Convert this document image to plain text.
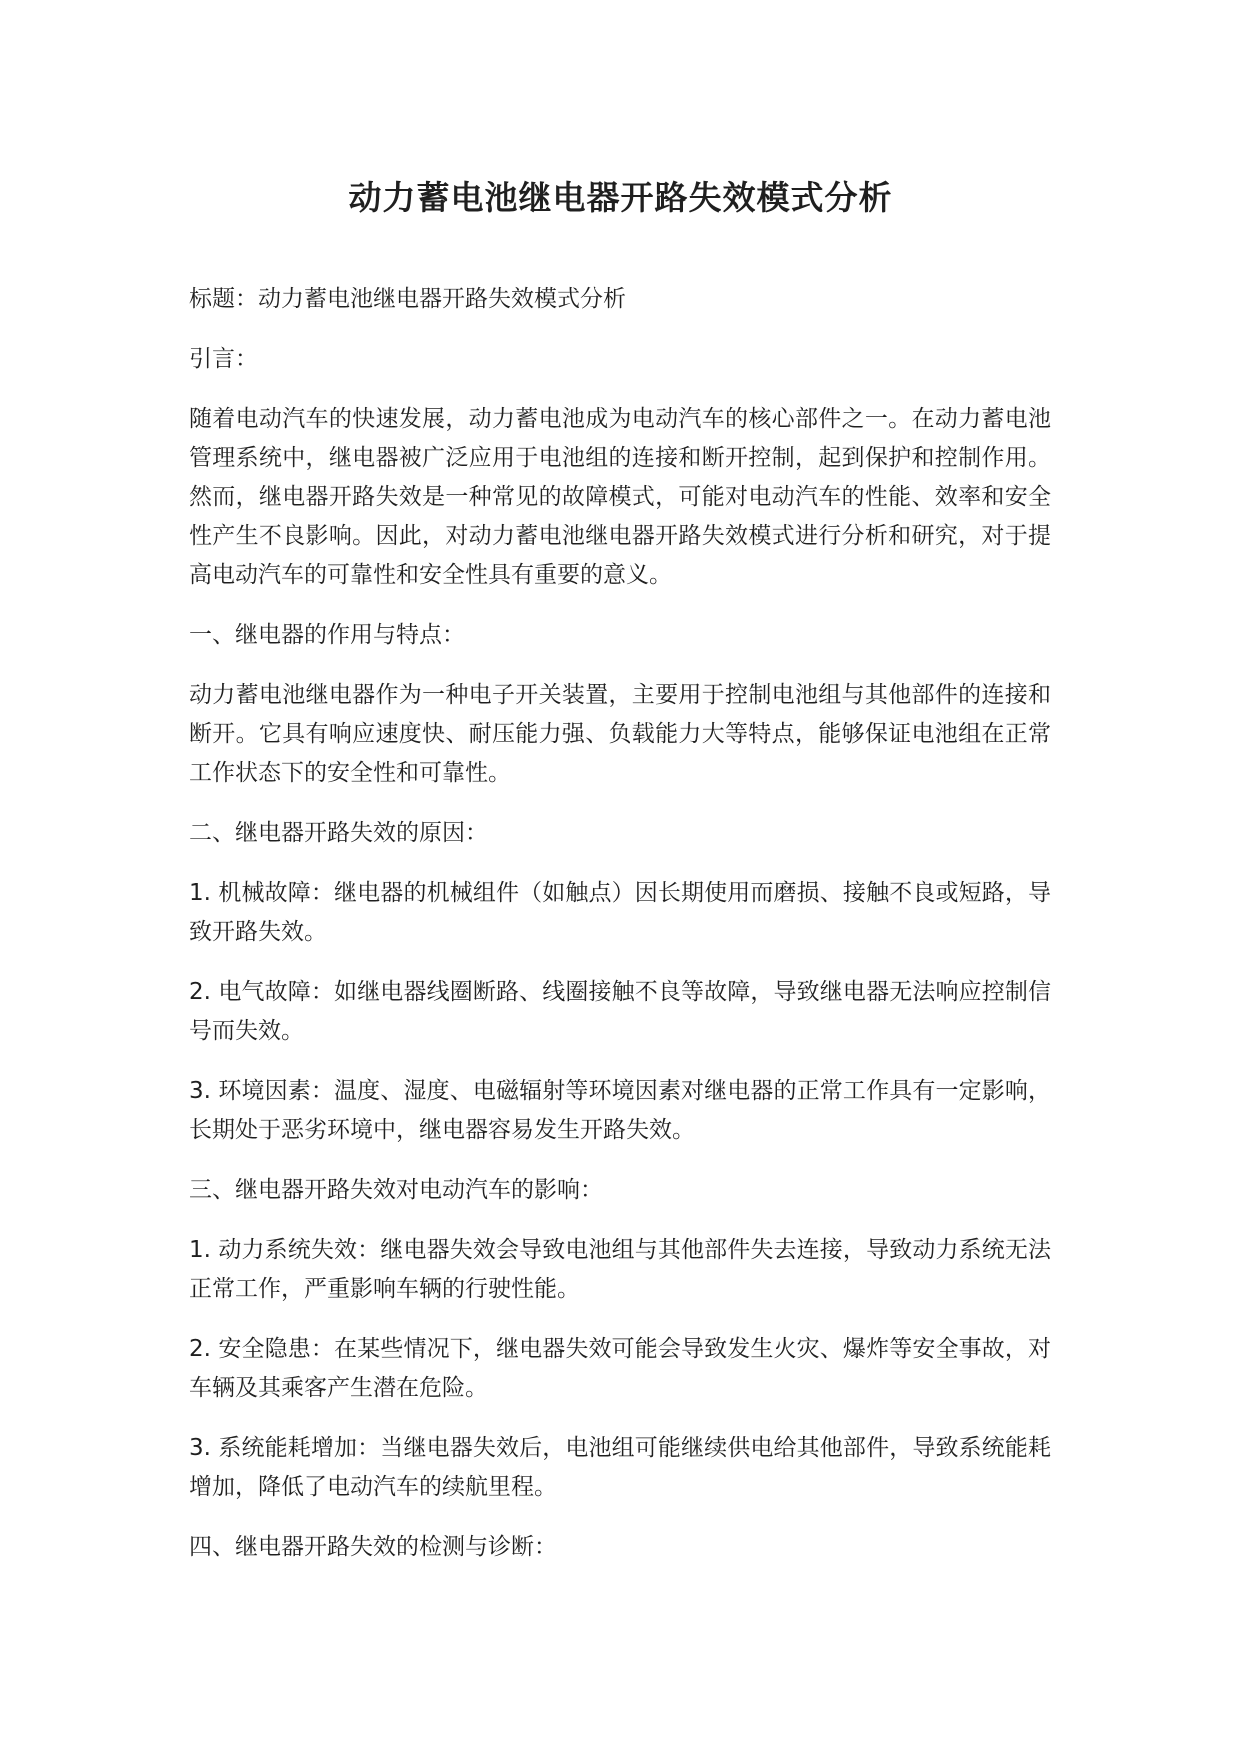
动力蓄电池继电器开路失效模式分析

标题：动力蓄电池继电器开路失效模式分析

引言：

随着电动汽车的快速发展，动力蓄电池成为电动汽车的核心部件之一。在动力蓄电池管理系统中，继电器被广泛应用于电池组的连接和断开控制，起到保护和控制作用。然而，继电器开路失效是一种常见的故障模式，可能对电动汽车的性能、效率和安全性产生不良影响。因此，对动力蓄电池继电器开路失效模式进行分析和研究，对于提高电动汽车的可靠性和安全性具有重要的意义。

一、继电器的作用与特点：

动力蓄电池继电器作为一种电子开关装置，主要用于控制电池组与其他部件的连接和断开。它具有响应速度快、耐压能力强、负载能力大等特点，能够保证电池组在正常工作状态下的安全性和可靠性。

二、继电器开路失效的原因：

1. 机械故障：继电器的机械组件（如触点）因长期使用而磨损、接触不良或短路，导致开路失效。

2. 电气故障：如继电器线圈断路、线圈接触不良等故障，导致继电器无法响应控制信号而失效。

3. 环境因素：温度、湿度、电磁辐射等环境因素对继电器的正常工作具有一定影响，长期处于恶劣环境中，继电器容易发生开路失效。

三、继电器开路失效对电动汽车的影响：

1. 动力系统失效：继电器失效会导致电池组与其他部件失去连接，导致动力系统无法正常工作，严重影响车辆的行驶性能。

2. 安全隐患：在某些情况下，继电器失效可能会导致发生火灾、爆炸等安全事故，对车辆及其乘客产生潜在危险。

3. 系统能耗增加：当继电器失效后，电池组可能继续供电给其他部件，导致系统能耗增加，降低了电动汽车的续航里程。

四、继电器开路失效的检测与诊断：
